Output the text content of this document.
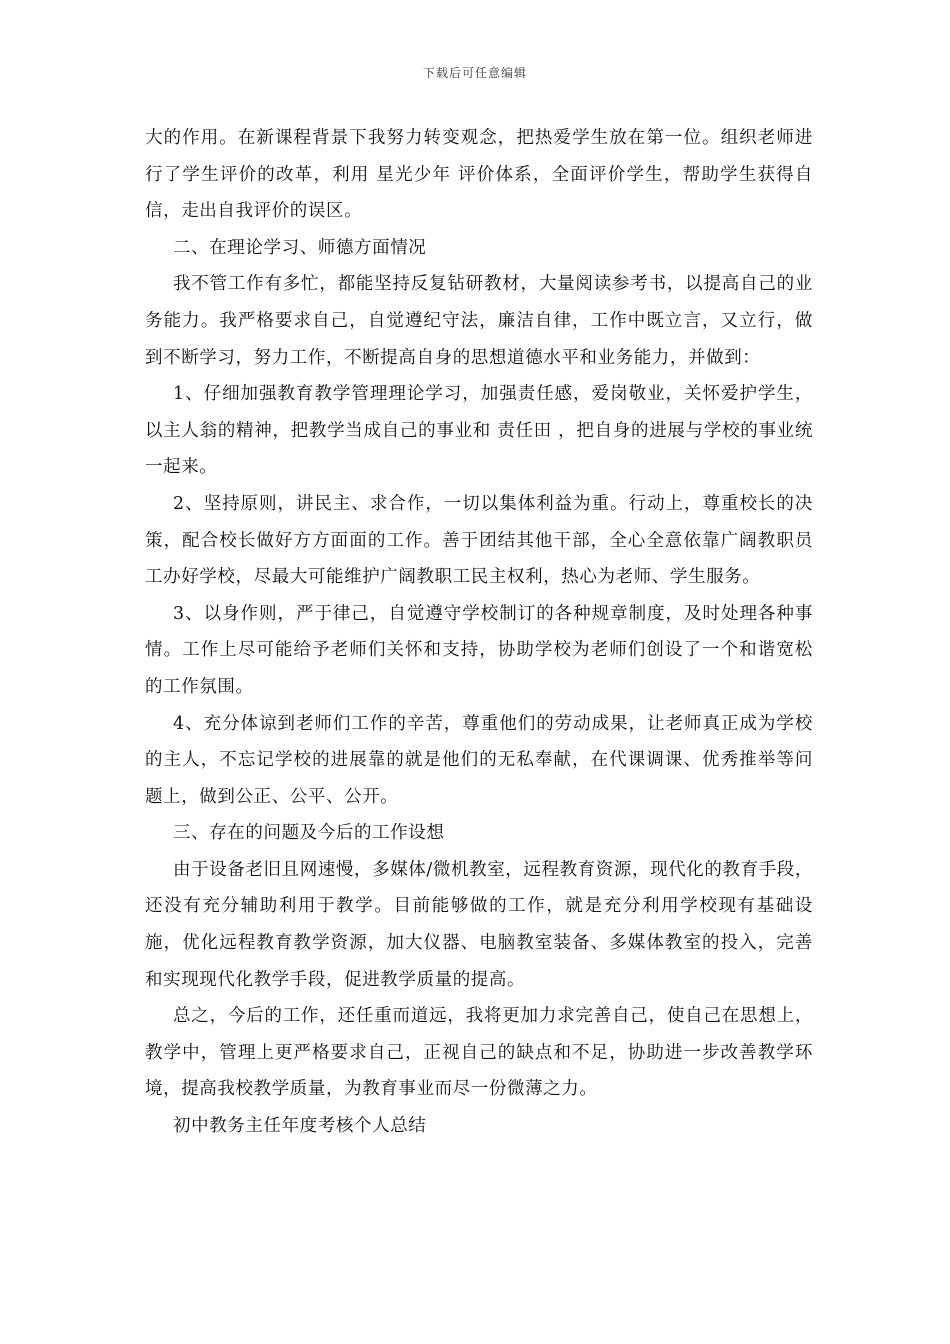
下载后可任意编辑

大的作用。在新课程背景下我努力转变观念，把热爱学生放在第一位。组织老师进行了学生评价的改革，利用 星光少年 评价体系，全面评价学生，帮助学生获得自信，走出自我评价的误区。

二、在理论学习、师德方面情况

我不管工作有多忙，都能坚持反复钻研教材，大量阅读参考书，以提高自己的业务能力。我严格要求自己，自觉遵纪守法，廉洁自律，工作中既立言，又立行，做到不断学习，努力工作，不断提高自身的思想道德水平和业务能力，并做到：

1、仔细加强教育教学管理理论学习，加强责任感，爱岗敬业，关怀爱护学生，以主人翁的精神，把教学当成自己的事业和 责任田 ，把自身的进展与学校的事业统一起来。

2、坚持原则，讲民主、求合作，一切以集体利益为重。行动上，尊重校长的决策，配合校长做好方方面面的工作。善于团结其他干部，全心全意依靠广阔教职员工办好学校，尽最大可能维护广阔教职工民主权利，热心为老师、学生服务。

3、以身作则，严于律己，自觉遵守学校制订的各种规章制度，及时处理各种事情。工作上尽可能给予老师们关怀和支持，协助学校为老师们创设了一个和谐宽松的工作氛围。

4、充分体谅到老师们工作的辛苦，尊重他们的劳动成果，让老师真正成为学校的主人，不忘记学校的进展靠的就是他们的无私奉献，在代课调课、优秀推举等问题上，做到公正、公平、公开。

三、存在的问题及今后的工作设想

由于设备老旧且网速慢，多媒体/微机教室，远程教育资源，现代化的教育手段，还没有充分辅助利用于教学。目前能够做的工作，就是充分利用学校现有基础设施，优化远程教育教学资源，加大仪器、电脑教室装备、多媒体教室的投入，完善和实现现代化教学手段，促进教学质量的提高。

总之，今后的工作，还任重而道远，我将更加力求完善自己，使自己在思想上，教学中，管理上更严格要求自己，正视自己的缺点和不足，协助进一步改善教学环境，提高我校教学质量，为教育事业而尽一份微薄之力。

初中教务主任年度考核个人总结
